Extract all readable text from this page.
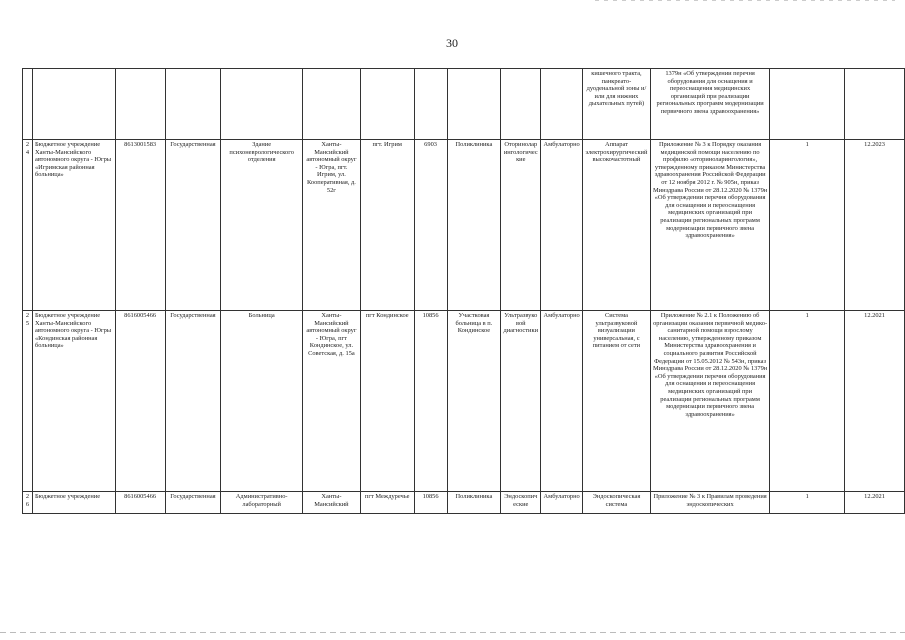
30
											кишечного тракта, панкреато-дуоденальной зоны и/или для нижних дыхательных путей)	1379н «Об утверждении перечня оборудования для оснащения и переоснащения медицинских организаций при реализации региональных программ модернизации первичного звена здравоохранения»		
24	Бюджетное учреждение Ханты-Мансийского автономного округа - Югры «Игримская районная больница»	8613001583	Государственная	Здание психоневрологического отделения	Ханты-Мансийский автономный округ - Югра, пгт. Игрим, ул. Кооперативная, д. 52г	пгт. Игрим	6903	Поликлиника	Оториноларингологические	Амбулаторно	Аппарат электрохирургический высокочастотный	Приложение № 3 к Порядку оказания медицинской помощи населению по профилю «оториноларингология», утвержденному приказом Министерства здравоохранения Российской Федерации от 12 ноября 2012 г. № 905н, приказ Минздрава России от 28.12.2020 № 1379н «Об утверждении перечня оборудования для оснащения и переоснащения медицинских организаций при реализации региональных программ модернизации первичного звена здравоохранения»	1	12.2023
25	Бюджетное учреждение Ханты-Мансийского автономного округа - Югры «Кондинская районная больница»	8616005466	Государственная	Больница	Ханты-Мансийский автономный округ - Югра, пгт Кондинское, ул. Советская, д. 15а	пгт Кондинское	10856	Участковая больница в п. Кондинское	Ультразвуковой диагностики	Амбулаторно	Система ультразвуковой визуализации универсальная, с питанием от сети	Приложение № 2.1 к Положению об организации оказания первичной медико-санитарной помощи взрослому населению, утвержденному приказом Министерства здравоохранения и социального развития Российской Федерации от 15.05.2012 № 543н, приказ Минздрава России от 28.12.2020 № 1379н «Об утверждении перечня оборудования для оснащения и переоснащения медицинских организаций при реализации региональных программ модернизации первичного звена здравоохранения»	1	12.2021

26	Бюджетное учреждение	8616005466	Государственная	Административно-лабораторный	Ханты-Мансийский	пгт Междуречье	10856	Поликлиника	Эндоскопические	Амбулаторно	Эндоскопическая система	Приложение № 3 к Правилам проведения эндоскопических	1	12.2021
